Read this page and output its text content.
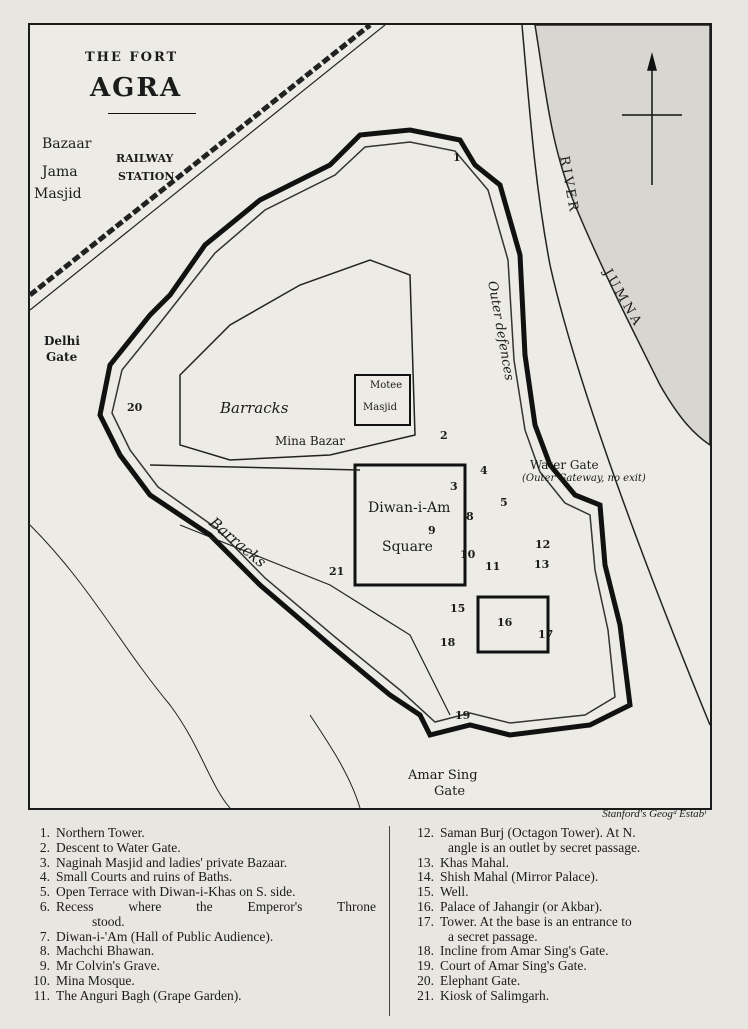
THE FORT
AGRA
Bazaar
Jama
Masjid
RAILWAY
STATION	RIVER
JUMNA
Delhi
Gate
Barracks
Barracks
Motee
Masjid
Mina Bazar
Diwan-i-Am
Square
Outer defences
Water Gate
(Outer Gateway, no exit)
Amar Sing
Gate
1
2
3
4
5
8
9
10
11
12
13
15
16
17
18
19
20
21
Stanford's Geogᵈ Estabᵗ
1. Northern Tower.
2. Descent to Water Gate.
3. Naginah Masjid and ladies' private Bazaar.
4. Small Courts and ruins of Baths.
5. Open Terrace with Diwan-i-Khas on S. side.
6. Recess where the Emperor's Throne
stood.
7. Diwan-i-'Am (Hall of Public Audience).
8. Machchi Bhawan.
9. Mr Colvin's Grave.
10. Mina Mosque.
11. The Anguri Bagh (Grape Garden).
12. Saman Burj (Octagon Tower). At N.
angle is an outlet by secret passage.
13. Khas Mahal.
14. Shish Mahal (Mirror Palace).
15. Well.
16. Palace of Jahangir (or Akbar).
17. Tower. At the base is an entrance to
a secret passage.
18. Incline from Amar Sing's Gate.
19. Court of Amar Sing's Gate.
20. Elephant Gate.
21. Kiosk of Salimgarh.
